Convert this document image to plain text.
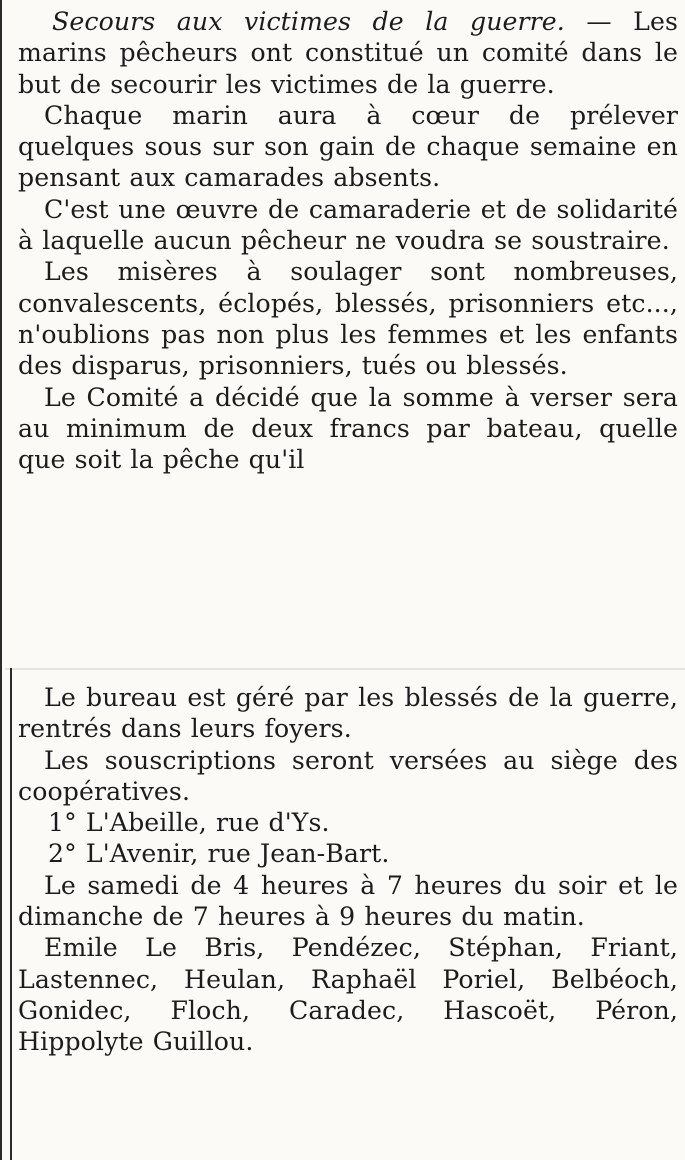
Secours aux victimes de la guerre. — Les marins pêcheurs ont constitué un comité dans le but de secourir les victimes de la guerre.

Chaque marin aura à cœur de prélever quelques sous sur son gain de chaque semaine en pensant aux camarades absents.

C'est une œuvre de camaraderie et de solidarité à laquelle aucun pêcheur ne voudra se soustraire.

Les misères à soulager sont nombreuses, convalescents, éclopés, blessés, prisonniers etc..., n'oublions pas non plus les femmes et les enfants des disparus, prisonniers, tués ou blessés.

Le Comité a décidé que la somme à verser sera au minimum de deux francs par bateau, quelle que soit la pêche qu'il

Le bureau est géré par les blessés de la guerre, rentrés dans leurs foyers.

Les souscriptions seront versées au siège des coopératives.

1° L'Abeille, rue d'Ys.

2° L'Avenir, rue Jean-Bart.

Le samedi de 4 heures à 7 heures du soir et le dimanche de 7 heures à 9 heures du matin.

Emile Le Bris, Pendézec, Stéphan, Friant, Lastennec, Heulan, Raphaël Poriel, Belbéoch, Gonidec, Floch, Caradec, Hascoët, Péron, Hippolyte Guillou.
